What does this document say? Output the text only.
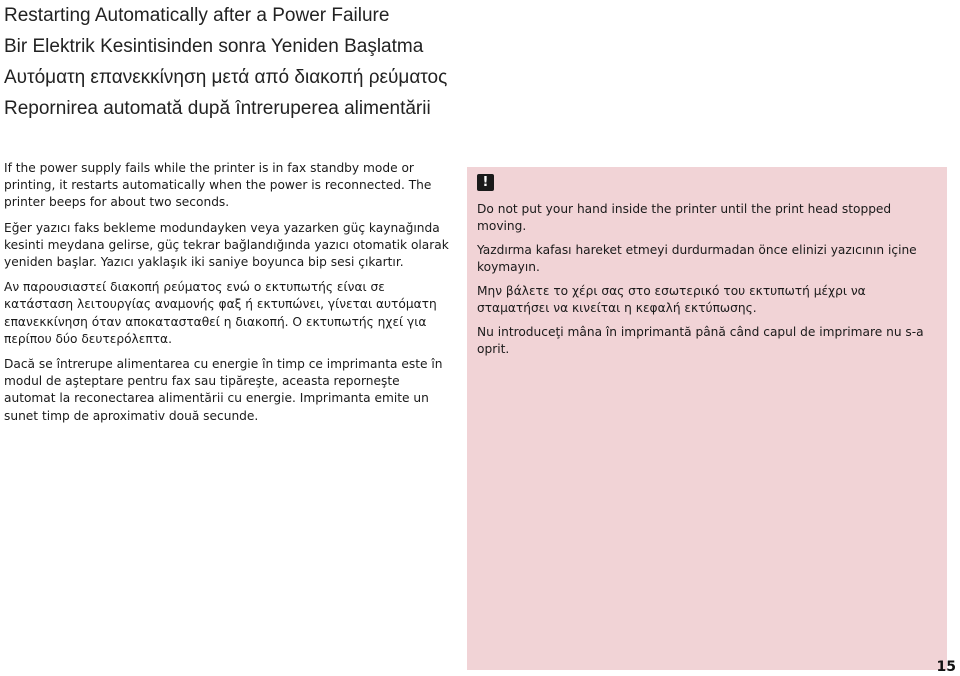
Restarting Automatically after a Power Failure
Bir Elektrik Kesintisinden sonra Yeniden Başlatma
Αυτόματη επανεκκίνηση μετά από διακοπή ρεύματος
Repornirea automată după întreruperea alimentării

If the power supply fails while the printer is in fax standby mode or printing, it restarts automatically when the power is reconnected. The printer beeps for about two seconds.

Eğer yazıcı faks bekleme modundayken veya yazarken güç kaynağında kesinti meydana gelirse, güç tekrar bağlandığında yazıcı otomatik olarak yeniden başlar. Yazıcı yaklaşık iki saniye boyunca bip sesi çıkartır.

Αν παρουσιαστεί διακοπή ρεύματος ενώ ο εκτυπωτής είναι σε κατάσταση λειτουργίας αναμονής φαξ ή εκτυπώνει, γίνεται αυτόματη επανεκκίνηση όταν αποκατασταθεί η διακοπή. Ο εκτυπωτής ηχεί για περίπου δύο δευτερόλεπτα.

Dacă se întrerupe alimentarea cu energie în timp ce imprimanta este în modul de aşteptare pentru fax sau tipăreşte, aceasta reporneşte automat la reconectarea alimentării cu energie. Imprimanta emite un sunet timp de aproximativ două secunde.

!

Do not put your hand inside the printer until the print head stopped moving.

Yazdırma kafası hareket etmeyi durdurmadan önce elinizi yazıcının içine koymayın.

Μην βάλετε το χέρι σας στο εσωτερικό του εκτυπωτή μέχρι να σταματήσει να κινείται η κεφαλή εκτύπωσης.

Nu introduceţi mâna în imprimantă până când capul de imprimare nu s-a oprit.

15
